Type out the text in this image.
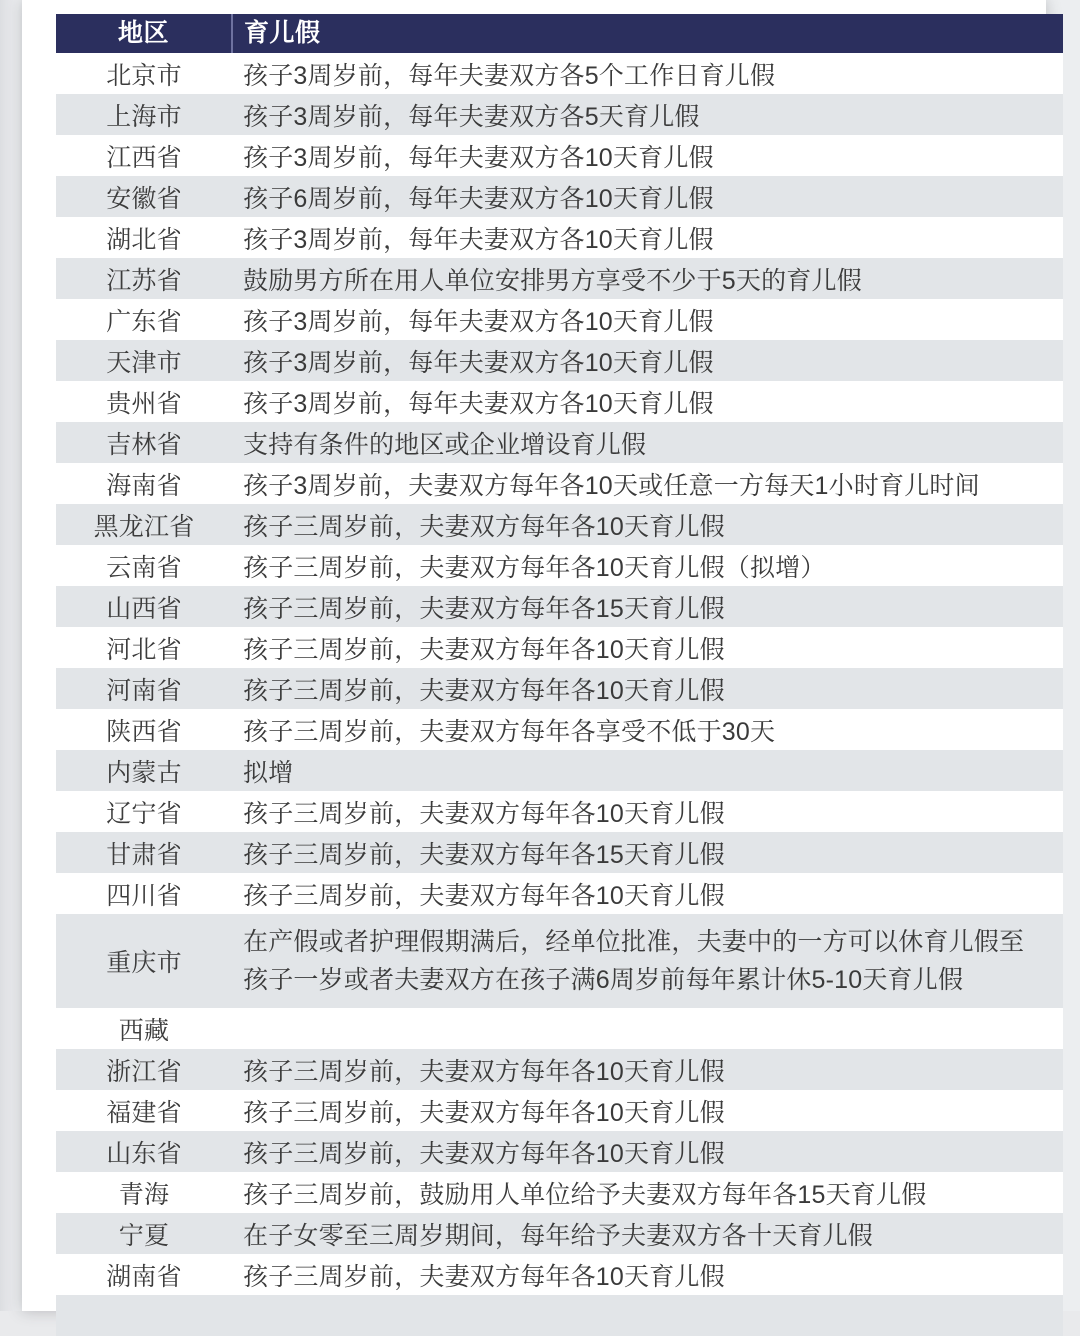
地区	育儿假
北京市	孩子3周岁前，每年夫妻双方各5个工作日育儿假
上海市	孩子3周岁前，每年夫妻双方各5天育儿假
江西省	孩子3周岁前，每年夫妻双方各10天育儿假
安徽省	孩子6周岁前，每年夫妻双方各10天育儿假
湖北省	孩子3周岁前，每年夫妻双方各10天育儿假
江苏省	鼓励男方所在用人单位安排男方享受不少于5天的育儿假
广东省	孩子3周岁前，每年夫妻双方各10天育儿假
天津市	孩子3周岁前，每年夫妻双方各10天育儿假
贵州省	孩子3周岁前，每年夫妻双方各10天育儿假
吉林省	支持有条件的地区或企业增设育儿假
海南省	孩子3周岁前，夫妻双方每年各10天或任意一方每天1小时育儿时间
黑龙江省	孩子三周岁前，夫妻双方每年各10天育儿假
云南省	孩子三周岁前，夫妻双方每年各10天育儿假（拟增）
山西省	孩子三周岁前，夫妻双方每年各15天育儿假
河北省	孩子三周岁前，夫妻双方每年各10天育儿假
河南省	孩子三周岁前，夫妻双方每年各10天育儿假
陕西省	孩子三周岁前，夫妻双方每年各享受不低于30天
内蒙古	拟增
辽宁省	孩子三周岁前，夫妻双方每年各10天育儿假
甘肃省	孩子三周岁前，夫妻双方每年各15天育儿假
四川省	孩子三周岁前，夫妻双方每年各10天育儿假
重庆市	在产假或者护理假期满后，经单位批准，夫妻中的一方可以休育儿假至
孩子一岁或者夫妻双方在孩子满6周岁前每年累计休5-10天育儿假

西藏	
浙江省	孩子三周岁前，夫妻双方每年各10天育儿假
福建省	孩子三周岁前，夫妻双方每年各10天育儿假
山东省	孩子三周岁前，夫妻双方每年各10天育儿假
青海	孩子三周岁前，鼓励用人单位给予夫妻双方每年各15天育儿假
宁夏	在子女零至三周岁期间，每年给予夫妻双方各十天育儿假
湖南省	孩子三周岁前，夫妻双方每年各10天育儿假
